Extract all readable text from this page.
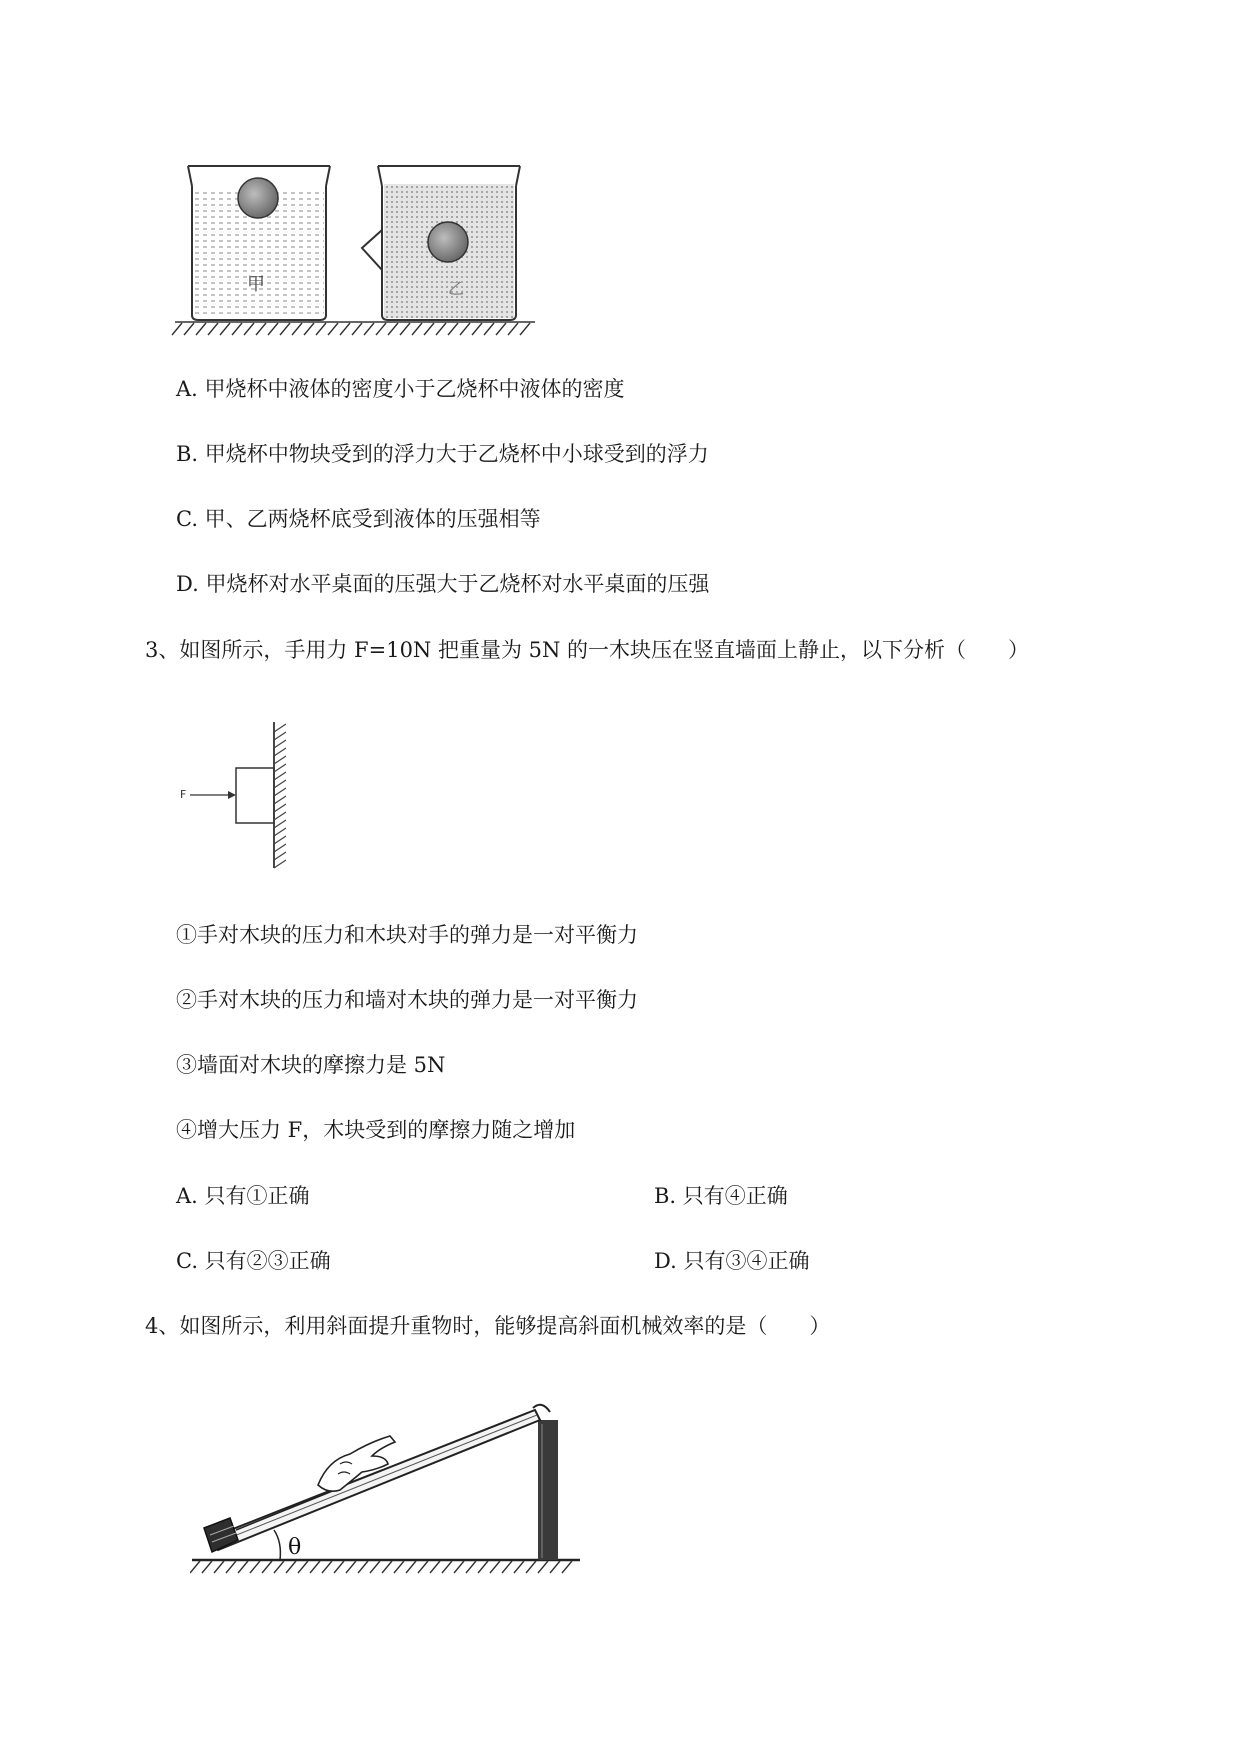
甲	乙
A. 甲烧杯中液体的密度小于乙烧杯中液体的密度
B. 甲烧杯中物块受到的浮力大于乙烧杯中小球受到的浮力
C. 甲、乙两烧杯底受到液体的压强相等
D. 甲烧杯对水平桌面的压强大于乙烧杯对水平桌面的压强
3、如图所示，手用力 F=10N 把重量为 5N 的一木块压在竖直墙面上静止，以下分析（　　）
F
①手对木块的压力和木块对手的弹力是一对平衡力
②手对木块的压力和墙对木块的弹力是一对平衡力
③墙面对木块的摩擦力是 5N
④增大压力 F，木块受到的摩擦力随之增加
A. 只有①正确	B. 只有④正确
C. 只有②③正确	D. 只有③④正确
4、如图所示，利用斜面提升重物时，能够提高斜面机械效率的是（　　）
θ
